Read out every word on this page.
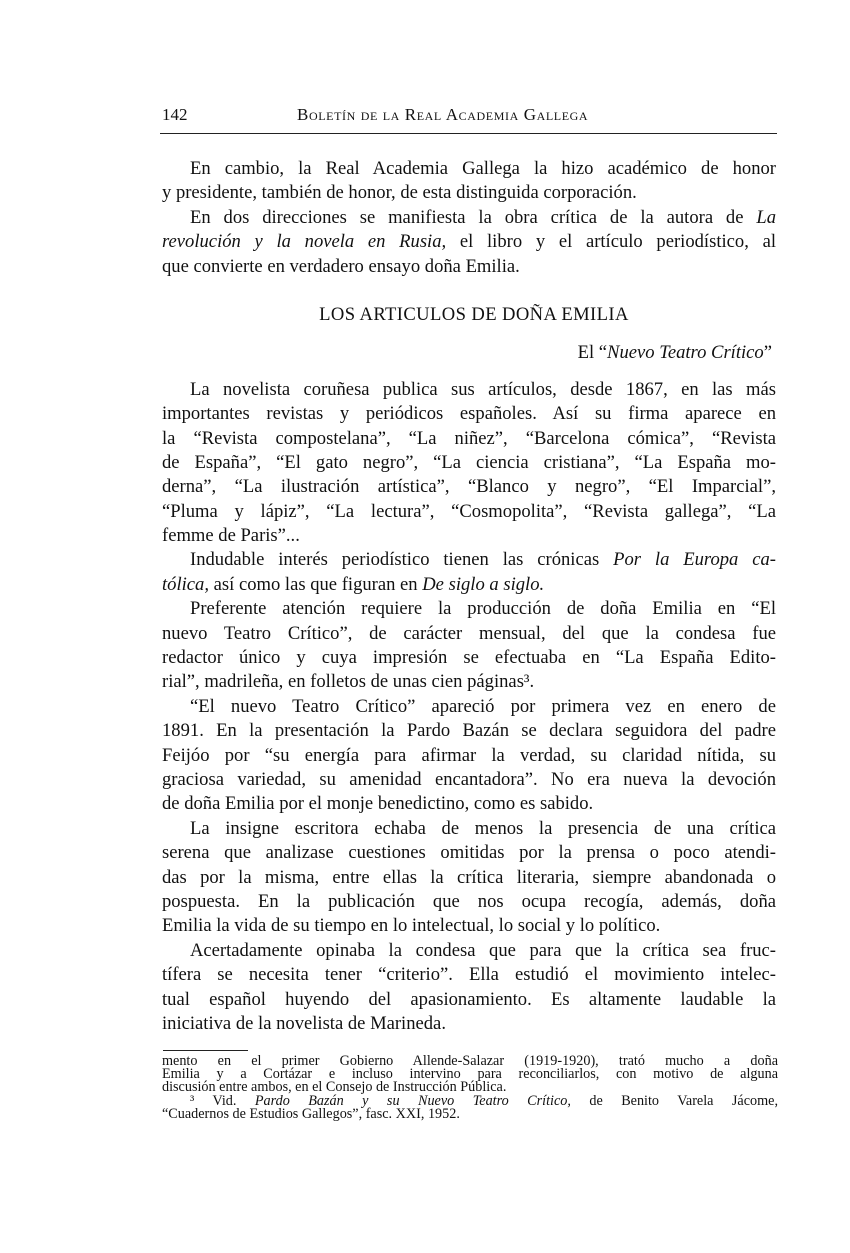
142	Boletín de la Real Academia Gallega
En cambio, la Real Academia Gallega la hizo académico de honor
y presidente, también de honor, de esta distinguida corporación.
En dos direcciones se manifiesta la obra crítica de la autora de La
revolución y la novela en Rusia, el libro y el artículo periodístico, al
que convierte en verdadero ensayo doña Emilia.
LOS ARTICULOS DE DOÑA EMILIA
El “Nuevo Teatro Crítico”
La novelista coruñesa publica sus artículos, desde 1867, en las más
importantes revistas y periódicos españoles. Así su firma aparece en
la “Revista compostelana”, “La niñez”, “Barcelona cómica”, “Revista
de España”, “El gato negro”, “La ciencia cristiana”, “La España mo-
derna”, “La ilustración artística”, “Blanco y negro”, “El Imparcial”,
“Pluma y lápiz”, “La lectura”, “Cosmopolita”, “Revista gallega”, “La
femme de Paris”...
Indudable interés periodístico tienen las crónicas Por la Europa ca-
tólica, así como las que figuran en De siglo a siglo.
Preferente atención requiere la producción de doña Emilia en “El
nuevo Teatro Crítico”, de carácter mensual, del que la condesa fue
redactor único y cuya impresión se efectuaba en “La España Edito-
rial”, madrileña, en folletos de unas cien páginas³.
“El nuevo Teatro Crítico” apareció por primera vez en enero de
1891. En la presentación la Pardo Bazán se declara seguidora del padre
Feijóo por “su energía para afirmar la verdad, su claridad nítida, su
graciosa variedad, su amenidad encantadora”. No era nueva la devoción
de doña Emilia por el monje benedictino, como es sabido.
La insigne escritora echaba de menos la presencia de una crítica
serena que analizase cuestiones omitidas por la prensa o poco atendi-
das por la misma, entre ellas la crítica literaria, siempre abandonada o
pospuesta. En la publicación que nos ocupa recogía, además, doña
Emilia la vida de su tiempo en lo intelectual, lo social y lo político.
Acertadamente opinaba la condesa que para que la crítica sea fruc-
tífera se necesita tener “criterio”. Ella estudió el movimiento intelec-
tual español huyendo del apasionamiento. Es altamente laudable la
iniciativa de la novelista de Marineda.
mento en el primer Gobierno Allende-Salazar (1919-1920), trató mucho a doña
Emilia y a Cortázar e incluso intervino para reconciliarlos, con motivo de alguna
discusión entre ambos, en el Consejo de Instrucción Pública.
³ Vid. Pardo Bazán y su Nuevo Teatro Crítico, de Benito Varela Jácome,
“Cuadernos de Estudios Gallegos”, fasc. XXI, 1952.
